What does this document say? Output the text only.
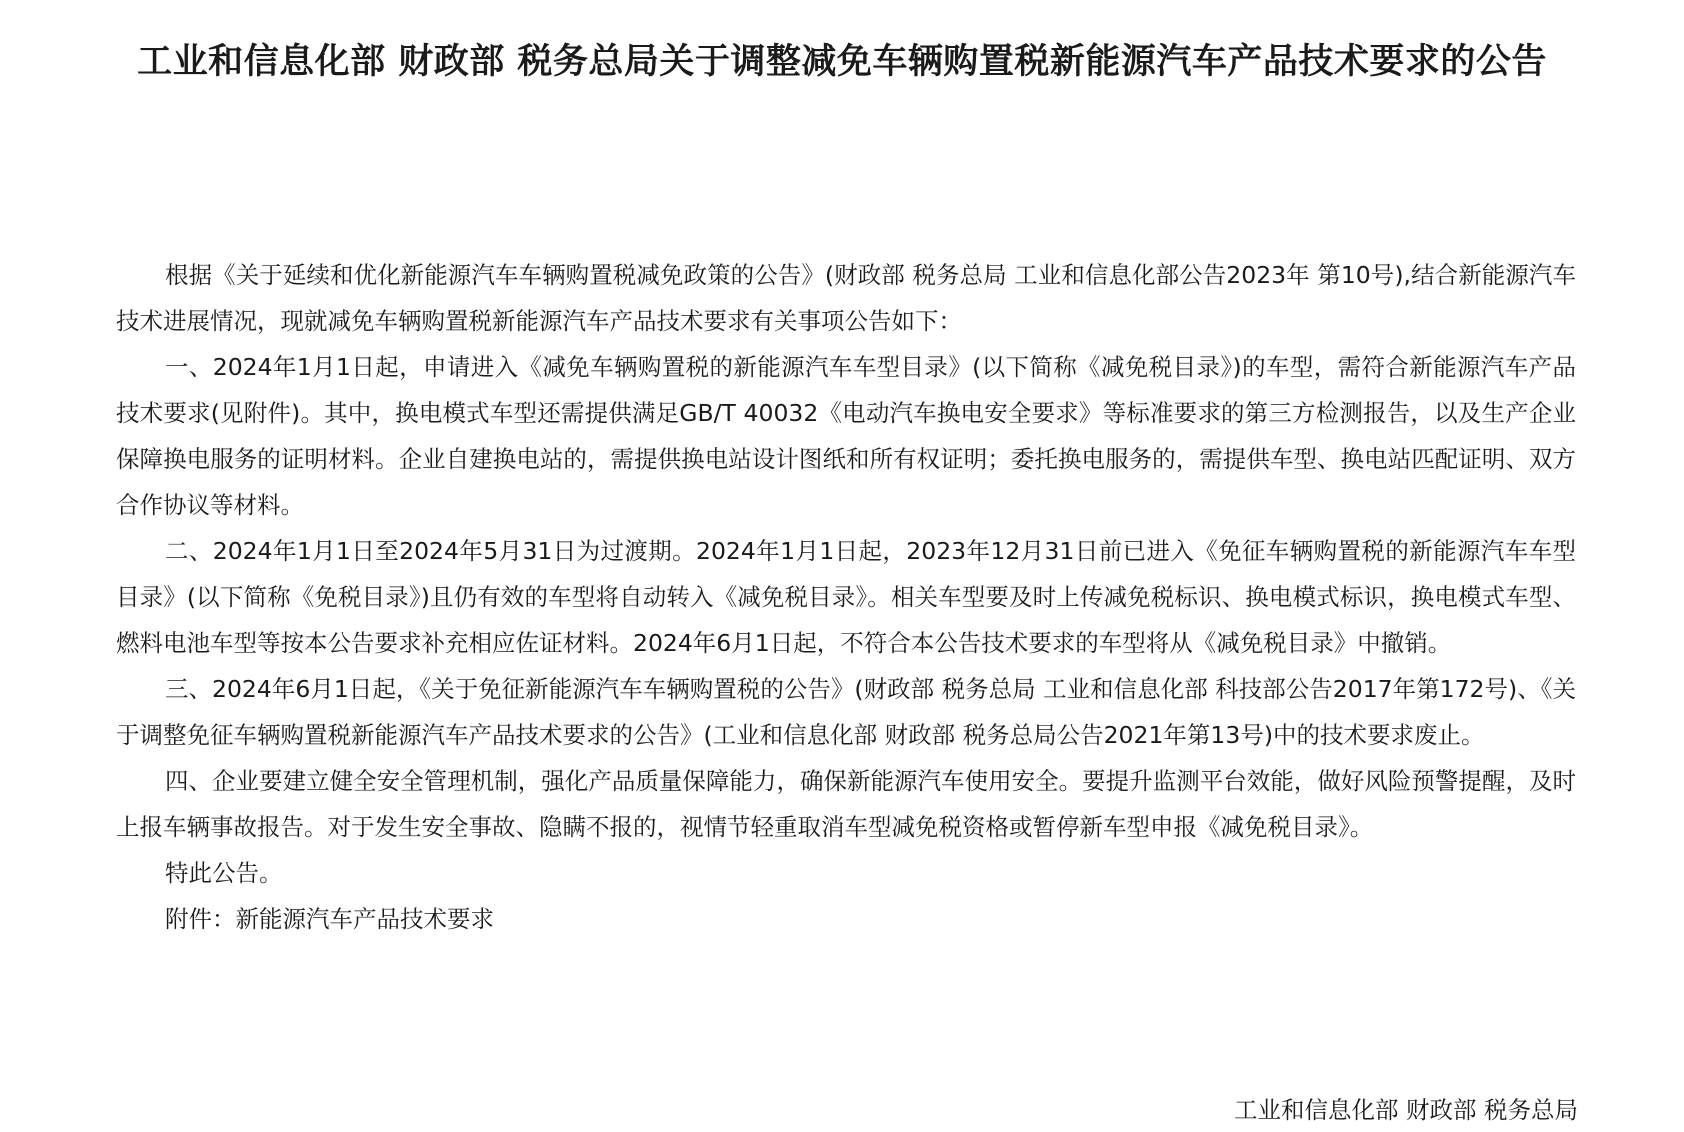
工业和信息化部 财政部 税务总局关于调整减免车辆购置税新能源汽车产品技术要求的公告

根据《关于延续和优化新能源汽车车辆购置税减免政策的公告》(财政部 税务总局 工业和信息化部公告2023年 第10号),结合新能源汽车技术进展情况，现就减免车辆购置税新能源汽车产品技术要求有关事项公告如下：

一、2024年1月1日起，申请进入《减免车辆购置税的新能源汽车车型目录》(以下简称《减免税目录》)的车型，需符合新能源汽车产品技术要求(见附件)。其中，换电模式车型还需提供满足GB/T 40032《电动汽车换电安全要求》等标准要求的第三方检测报告，以及生产企业保障换电服务的证明材料。企业自建换电站的，需提供换电站设计图纸和所有权证明；委托换电服务的，需提供车型、换电站匹配证明、双方合作协议等材料。

二、2024年1月1日至2024年5月31日为过渡期。2024年1月1日起，2023年12月31日前已进入《免征车辆购置税的新能源汽车车型目录》(以下简称《免税目录》)且仍有效的车型将自动转入《减免税目录》。相关车型要及时上传减免税标识、换电模式标识，换电模式车型、燃料电池车型等按本公告要求补充相应佐证材料。2024年6月1日起，不符合本公告技术要求的车型将从《减免税目录》中撤销。

三、2024年6月1日起，《关于免征新能源汽车车辆购置税的公告》(财政部 税务总局 工业和信息化部 科技部公告2017年第172号)、《关于调整免征车辆购置税新能源汽车产品技术要求的公告》(工业和信息化部 财政部 税务总局公告2021年第13号)中的技术要求废止。

四、企业要建立健全安全管理机制，强化产品质量保障能力，确保新能源汽车使用安全。要提升监测平台效能，做好风险预警提醒，及时上报车辆事故报告。对于发生安全事故、隐瞒不报的，视情节轻重取消车型减免税资格或暂停新车型申报《减免税目录》。

特此公告。

附件：新能源汽车产品技术要求

工业和信息化部 财政部 税务总局
